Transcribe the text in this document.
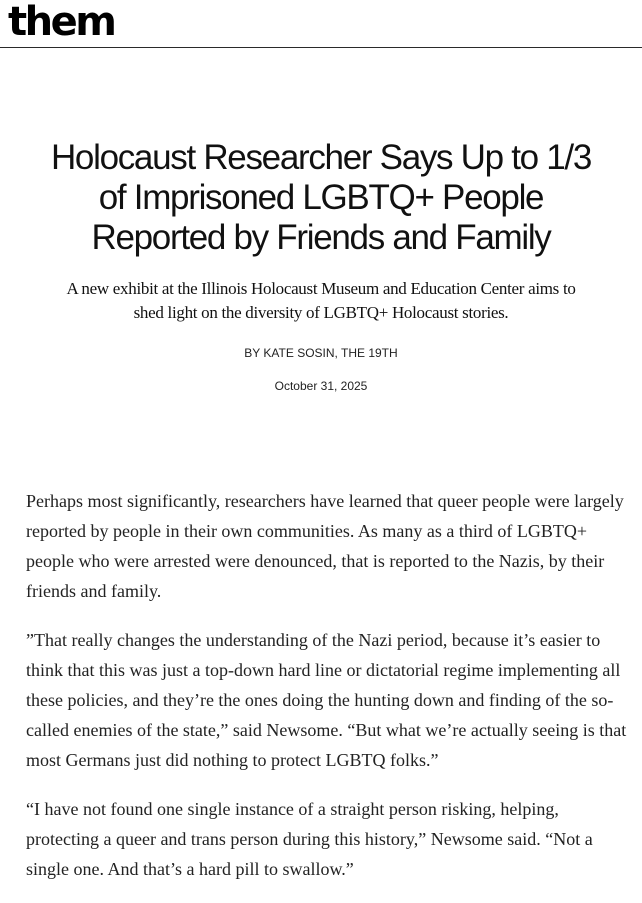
them
Holocaust Researcher Says Up to 1/3 of Imprisoned LGBTQ+ People Reported by Friends and Family

A new exhibit at the Illinois Holocaust Museum and Education Center aims to shed light on the diversity of LGBTQ+ Holocaust stories.

BY KATE SOSIN, THE 19TH
October 31, 2025

Perhaps most significantly, researchers have learned that queer people were largely reported by people in their own communities. As many as a third of LGBTQ+ people who were arrested were denounced, that is reported to the Nazis, by their friends and family.

”That really changes the understanding of the Nazi period, because it’s easier to think that this was just a top-down hard line or dictatorial regime implementing all these policies, and they’re the ones doing the hunting down and finding of the so-called enemies of the state,” said Newsome. “But what we’re actually seeing is that most Germans just did nothing to protect LGBTQ folks.”

“I have not found one single instance of a straight person risking, helping, protecting a queer and trans person during this history,” Newsome said. “Not a single one. And that’s a hard pill to swallow.”
